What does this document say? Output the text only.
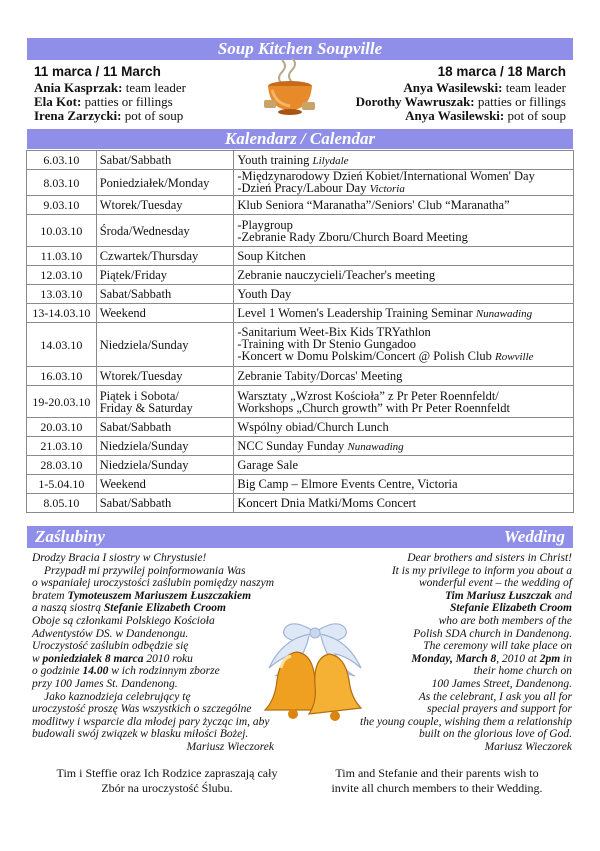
Soup Kitchen Soupville
11 marca / 11 March
Ania Kasprzak: team leader
Ela Kot: patties or fillings
Irena Zarzycki: pot of soup
18 marca / 18 March
Anya Wasilewski: team leader
Dorothy Wawruszak: patties or fillings
Anya Wasilewski: pot of soup
Kalendarz / Calendar
6.03.10	Sabat/Sabbath	Youth training Lilydale
8.03.10	Poniedziałek/Monday	-Międzynarodowy Dzień Kobiet/International Women' Day
-Dzień Pracy/Labour Day Victoria
9.03.10	Wtorek/Tuesday	Klub Seniora “Maranatha”/Seniors' Club “Maranatha”
10.03.10	Środa/Wednesday	-Playgroup
-Zebranie Rady Zboru/Church Board Meeting
11.03.10	Czwartek/Thursday	Soup Kitchen
12.03.10	Piątek/Friday	Zebranie nauczycieli/Teacher's meeting
13.03.10	Sabat/Sabbath	Youth Day
13-14.03.10	Weekend	Level 1 Women's Leadership Training Seminar Nunawading
14.03.10	Niedziela/Sunday	-Sanitarium Weet-Bix Kids TRYathlon
-Training with Dr Stenio Gungadoo
-Koncert w Domu Polskim/Concert @ Polish Club Rowville
16.03.10	Wtorek/Tuesday	Zebranie Tabity/Dorcas' Meeting
19-20.03.10	Piątek i Sobota/
Friday & Saturday	Warsztaty „Wzrost Kościoła” z Pr Peter Roennfeldt/
Workshops „Church growth” with Pr Peter Roennfeldt
20.03.10	Sabat/Sabbath	Wspólny obiad/Church Lunch
21.03.10	Niedziela/Sunday	NCC Sunday Funday Nunawading
28.03.10	Niedziela/Sunday	Garage Sale
1-5.04.10	Weekend	Big Camp – Elmore Events Centre, Victoria
8.05.10	Sabat/Sabbath	Koncert Dnia Matki/Moms Concert
Zaślubiny	Wedding
Drodzy Bracia I siostry w Chrystusie!
Przypadł mi przywilej poinformowania Was
o wspaniałej uroczystości zaślubin pomiędzy naszym
bratem Tymoteuszem Mariuszem Łuszczakiem
a naszą siostrą Stefanie Elizabeth Croom
Oboje są członkami Polskiego Kościoła
Adwentystów DS. w Dandenongu.
Uroczystość zaślubin odbędzie się
w poniedziałek 8 marca 2010 roku
o godzinie 14.00 w ich rodzinnym zborze
przy 100 James St. Dandenong.
Jako kaznodzieja celebrujący tę
uroczystość proszę Was wszystkich o szczególne
modlitwy i wsparcie dla młodej pary życząc im, aby
budowali swój związek w blasku miłości Bożej.
Mariusz Wieczorek
Dear brothers and sisters in Christ!
It is my privilege to inform you about a
wonderful event – the wedding of
Tim Mariusz Łuszczak and
Stefanie Elizabeth Croom
who are both members of the
Polish SDA church in Dandenong.
The ceremony will take place on
Monday, March 8, 2010 at 2pm in
their home church on
100 James Street, Dandenong.
As the celebrant, I ask you all for
special prayers and support for
the young couple, wishing them a relationship
built on the glorious love of God.
Mariusz Wieczorek
Tim i Steffie oraz Ich Rodzice zapraszają cały
Zbór na uroczystość Ślubu.
Tim and Stefanie and their parents wish to
invite all church members to their Wedding.
